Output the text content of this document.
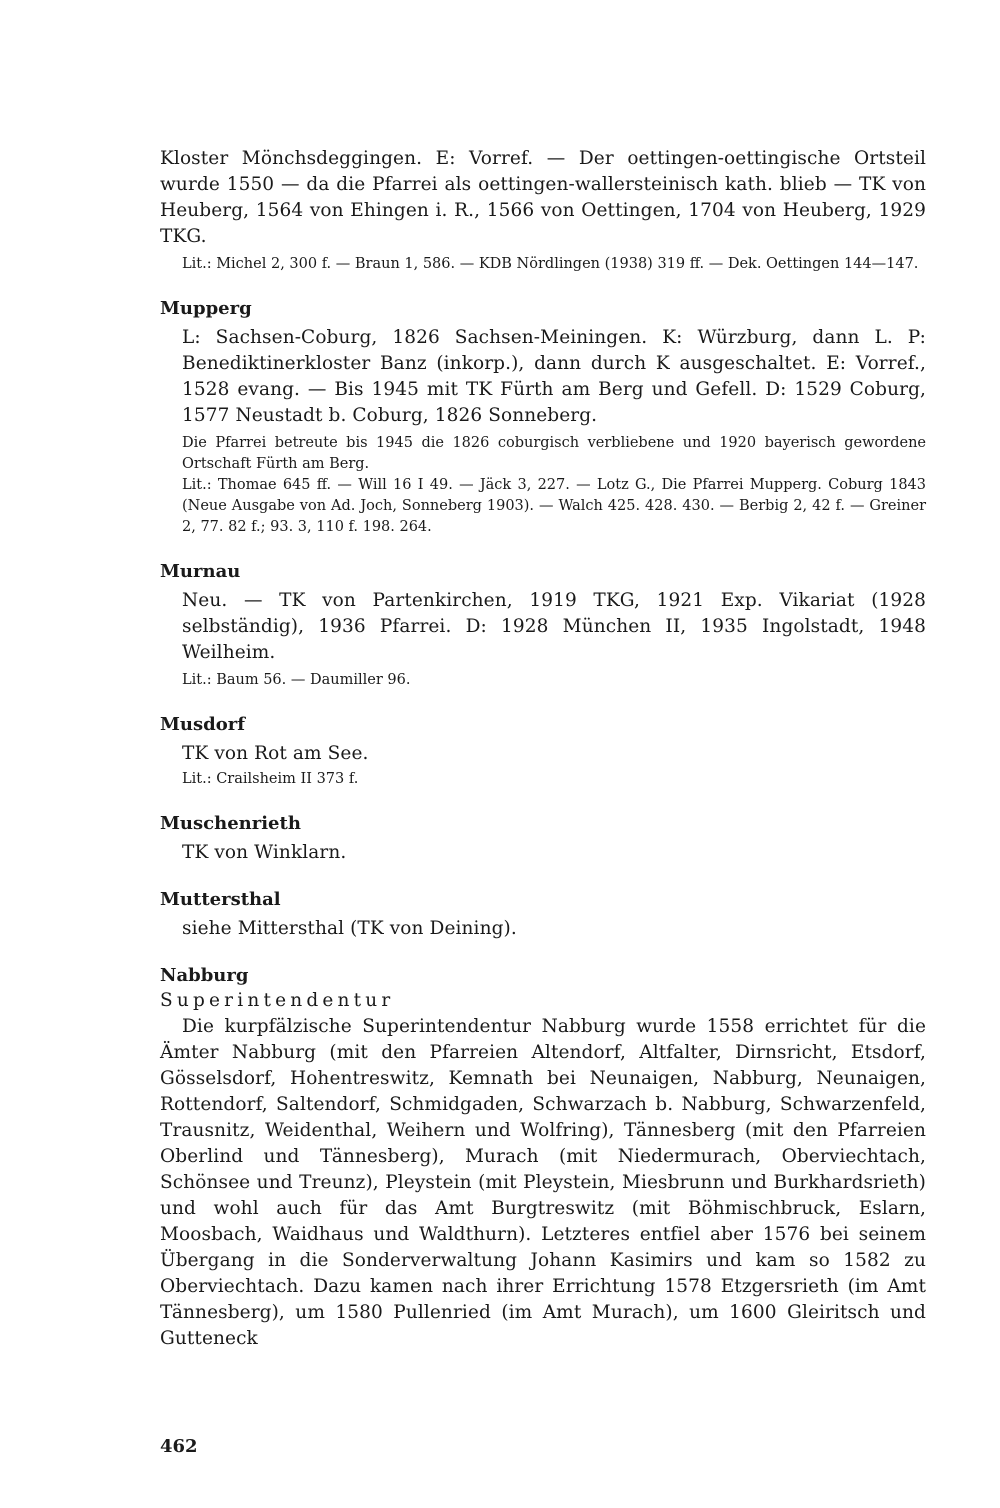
Kloster Mönchsdeggingen. E: Vorref. — Der oettingen-oettingische Ortsteil wurde 1550 — da die Pfarrei als oettingen-wallersteinisch kath. blieb — TK von Heuberg, 1564 von Ehingen i. R., 1566 von Oettingen, 1704 von Heuberg, 1929 TKG.

Lit.: Michel 2, 300 f. — Braun 1, 586. — KDB Nördlingen (1938) 319 ff. — Dek. Oettingen 144—147.

Mupperg

L: Sachsen-Coburg, 1826 Sachsen-Meiningen. K: Würzburg, dann L. P: Benediktinerkloster Banz (inkorp.), dann durch K ausgeschaltet. E: Vorref., 1528 evang. — Bis 1945 mit TK Fürth am Berg und Gefell. D: 1529 Coburg, 1577 Neustadt b. Coburg, 1826 Sonneberg.

Die Pfarrei betreute bis 1945 die 1826 coburgisch verbliebene und 1920 bayerisch gewordene Ortschaft Fürth am Berg.

Lit.: Thomae 645 ff. — Will 16 I 49. — Jäck 3, 227. — Lotz G., Die Pfarrei Mupperg. Coburg 1843 (Neue Ausgabe von Ad. Joch, Sonneberg 1903). — Walch 425. 428. 430. — Berbig 2, 42 f. — Greiner 2, 77. 82 f.; 93. 3, 110 f. 198. 264.

Murnau

Neu. — TK von Partenkirchen, 1919 TKG, 1921 Exp. Vikariat (1928 selbständig), 1936 Pfarrei. D: 1928 München II, 1935 Ingolstadt, 1948 Weilheim.

Lit.: Baum 56. — Daumiller 96.

Musdorf

TK von Rot am See.

Lit.: Crailsheim II 373 f.

Muschenrieth

TK von Winklarn.

Muttersthal

siehe Mittersthal (TK von Deining).

Nabburg

Superintendentur

Die kurpfälzische Superintendentur Nabburg wurde 1558 errichtet für die Ämter Nabburg (mit den Pfarreien Altendorf, Altfalter, Dirnsricht, Etsdorf, Gösselsdorf, Hohentreswitz, Kemnath bei Neunaigen, Nabburg, Neunaigen, Rottendorf, Saltendorf, Schmidgaden, Schwarzach b. Nabburg, Schwarzenfeld, Trausnitz, Weidenthal, Weihern und Wolfring), Tännesberg (mit den Pfarreien Oberlind und Tännesberg), Murach (mit Niedermurach, Oberviechtach, Schönsee und Treunz), Pleystein (mit Pleystein, Miesbrunn und Burkhardsrieth) und wohl auch für das Amt Burgtreswitz (mit Böhmischbruck, Eslarn, Moosbach, Waidhaus und Waldthurn). Letzteres entfiel aber 1576 bei seinem Übergang in die Sonderverwaltung Johann Kasimirs und kam so 1582 zu Oberviechtach. Dazu kamen nach ihrer Errichtung 1578 Etzgersrieth (im Amt Tännesberg), um 1580 Pullenried (im Amt Murach), um 1600 Gleiritsch und Gutteneck

462
